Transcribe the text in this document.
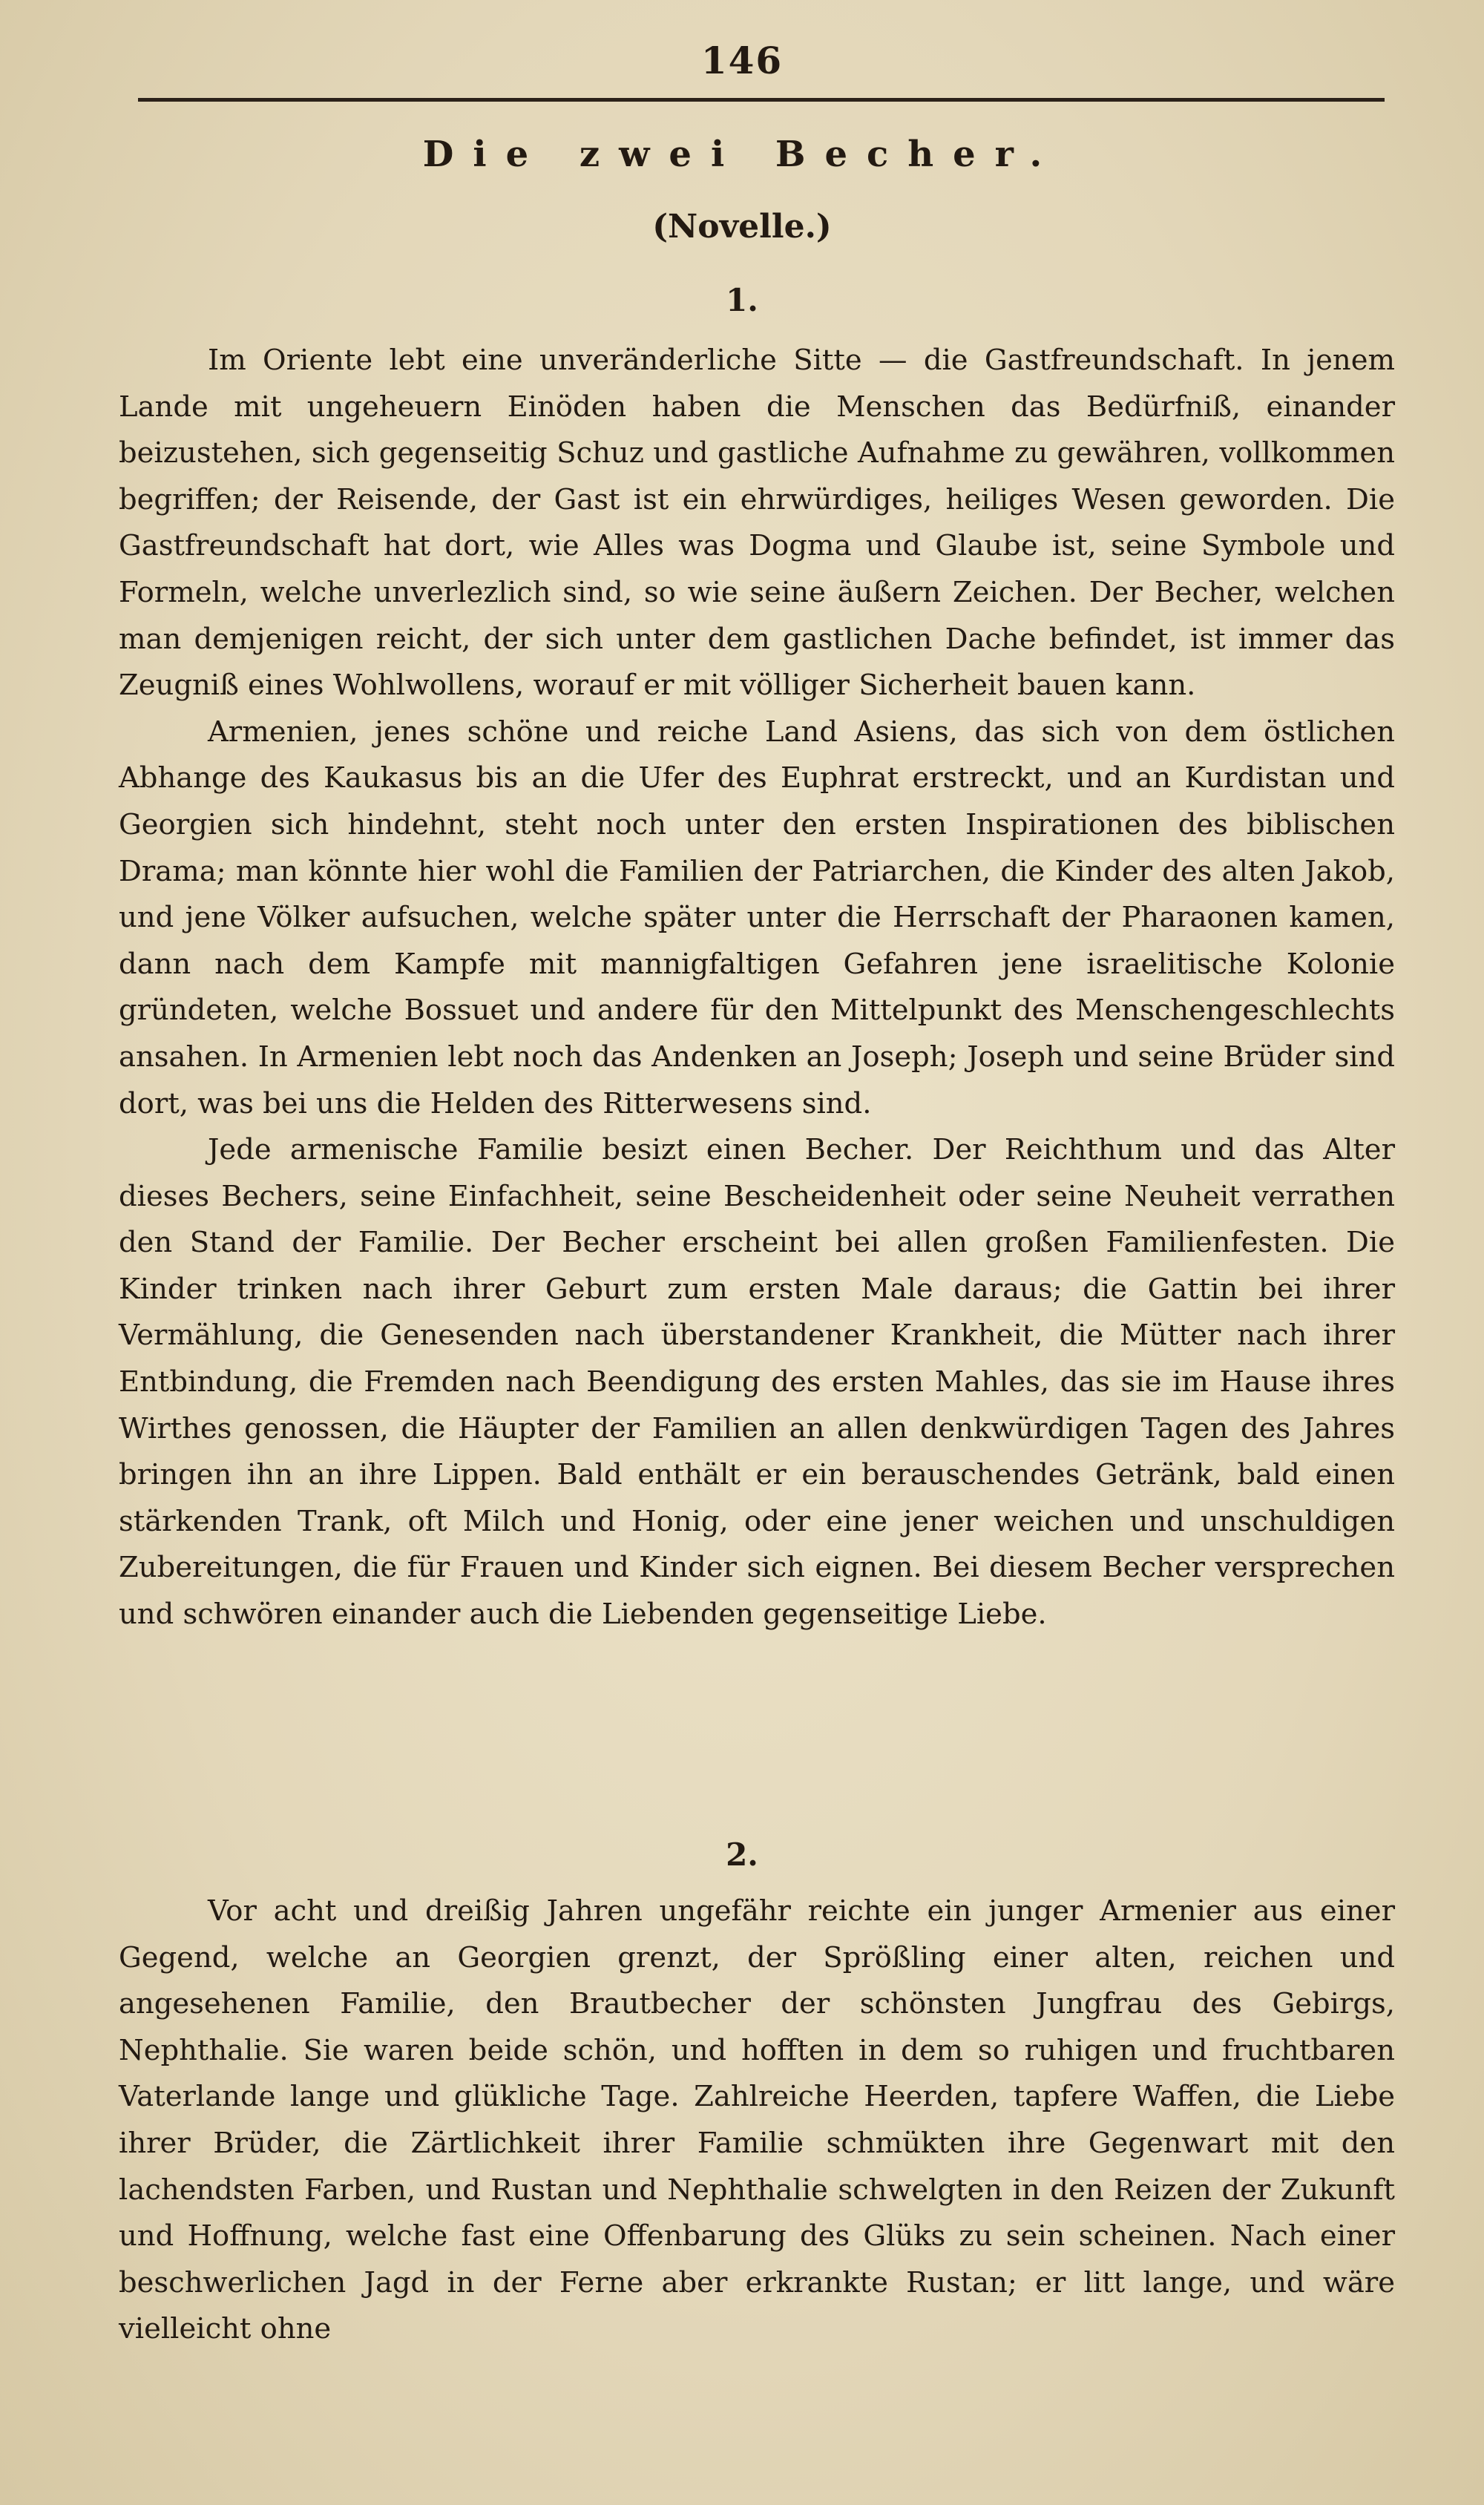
146
Die zwei Becher.
(Novelle.)
1.

Im Oriente lebt eine unveränderliche Sitte — die Gastfreundschaft. In jenem Lande mit ungeheuern Einöden haben die Menschen das Bedürfniß, einander beizustehen, sich gegenseitig Schuz und gastliche Aufnahme zu gewähren, vollkommen begriffen; der Reisende, der Gast ist ein ehrwürdiges, heiliges Wesen geworden. Die Gastfreundschaft hat dort, wie Alles was Dogma und Glaube ist, seine Symbole und Formeln, welche unverlezlich sind, so wie seine äußern Zeichen. Der Becher, welchen man demjenigen reicht, der sich unter dem gastlichen Dache befindet, ist immer das Zeugniß eines Wohlwollens, worauf er mit völliger Sicherheit bauen kann.

Armenien, jenes schöne und reiche Land Asiens, das sich von dem östlichen Abhange des Kaukasus bis an die Ufer des Euphrat erstreckt, und an Kurdistan und Georgien sich hindehnt, steht noch unter den ersten Inspirationen des biblischen Drama; man könnte hier wohl die Familien der Patriarchen, die Kinder des alten Jakob, und jene Völker aufsuchen, welche später unter die Herrschaft der Pharaonen kamen, dann nach dem Kampfe mit mannigfaltigen Gefahren jene israelitische Kolonie gründeten, welche Bossuet und andere für den Mittelpunkt des Menschengeschlechts ansahen. In Armenien lebt noch das Andenken an Joseph; Joseph und seine Brüder sind dort, was bei uns die Helden des Ritterwesens sind.

Jede armenische Familie besizt einen Becher. Der Reichthum und das Alter dieses Bechers, seine Einfachheit, seine Bescheidenheit oder seine Neuheit verrathen den Stand der Familie. Der Becher erscheint bei allen großen Familienfesten. Die Kinder trinken nach ihrer Geburt zum ersten Male daraus; die Gattin bei ihrer Vermählung, die Genesenden nach überstandener Krankheit, die Mütter nach ihrer Entbindung, die Fremden nach Beendigung des ersten Mahles, das sie im Hause ihres Wirthes genossen, die Häupter der Familien an allen denkwürdigen Tagen des Jahres bringen ihn an ihre Lippen. Bald enthält er ein berauschendes Getränk, bald einen stärkenden Trank, oft Milch und Honig, oder eine jener weichen und unschuldigen Zubereitungen, die für Frauen und Kinder sich eignen. Bei diesem Becher versprechen und schwören einander auch die Liebenden gegenseitige Liebe.

2.

Vor acht und dreißig Jahren ungefähr reichte ein junger Armenier aus einer Gegend, welche an Georgien grenzt, der Sprößling einer alten, reichen und angesehenen Familie, den Brautbecher der schönsten Jungfrau des Gebirgs, Nephthalie. Sie waren beide schön, und hofften in dem so ruhigen und fruchtbaren Vaterlande lange und glükliche Tage. Zahlreiche Heerden, tapfere Waffen, die Liebe ihrer Brüder, die Zärtlichkeit ihrer Familie schmükten ihre Gegenwart mit den lachendsten Farben, und Rustan und Nephthalie schwelgten in den Reizen der Zukunft und Hoffnung, welche fast eine Offenbarung des Glüks zu sein scheinen. Nach einer beschwerlichen Jagd in der Ferne aber erkrankte Rustan; er litt lange, und wäre vielleicht ohne
